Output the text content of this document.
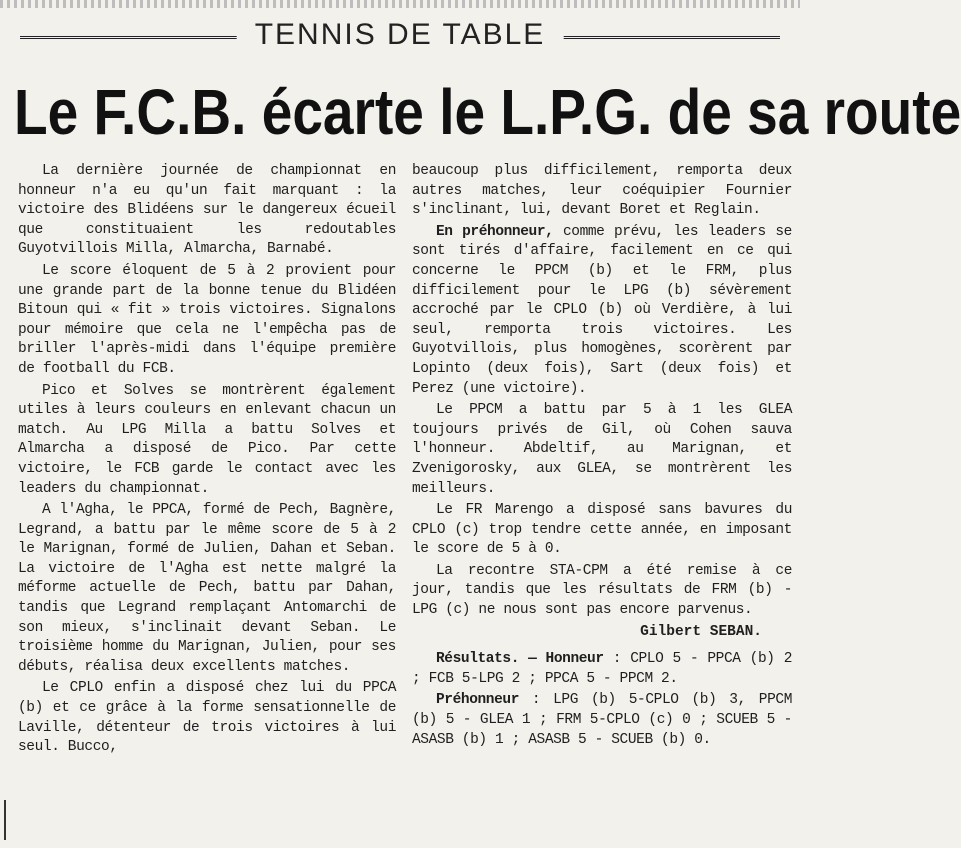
TENNIS DE TABLE
Le F.C.B. écarte le L.P.G. de sa route

La dernière journée de championnat en honneur n'a eu qu'un fait marquant : la victoire des Blidéens sur le dangereux écueil que constituaient les redoutables Guyotvillois Milla, Almarcha, Barnabé.

Le score éloquent de 5 à 2 provient pour une grande part de la bonne tenue du Blidéen Bitoun qui « fit » trois victoires. Signalons pour mémoire que cela ne l'empêcha pas de briller l'après-midi dans l'équipe première de football du FCB.

Pico et Solves se montrèrent également utiles à leurs couleurs en enlevant chacun un match. Au LPG Milla a battu Solves et Almarcha a disposé de Pico. Par cette victoire, le FCB garde le contact avec les leaders du championnat.

A l'Agha, le PPCA, formé de Pech, Bagnère, Legrand, a battu par le même score de 5 à 2 le Marignan, formé de Julien, Dahan et Seban. La victoire de l'Agha est nette malgré la méforme actuelle de Pech, battu par Dahan, tandis que Legrand remplaçant Antomarchi de son mieux, s'inclinait devant Seban. Le troisième homme du Marignan, Julien, pour ses débuts, réalisa deux excellents matches.

Le CPLO enfin a disposé chez lui du PPCA (b) et ce grâce à la forme sensationnelle de Laville, détenteur de trois victoires à lui seul. Bucco,

beaucoup plus difficilement, remporta deux autres matches, leur coéquipier Fournier s'inclinant, lui, devant Boret et Reglain.

En préhonneur, comme prévu, les leaders se sont tirés d'affaire, facilement en ce qui concerne le PPCM (b) et le FRM, plus difficilement pour le LPG (b) sévèrement accroché par le CPLO (b) où Verdière, à lui seul, remporta trois victoires. Les Guyotvillois, plus homogènes, scorèrent par Lopinto (deux fois), Sart (deux fois) et Perez (une victoire).

Le PPCM a battu par 5 à 1 les GLEA toujours privés de Gil, où Cohen sauva l'honneur. Abdeltif, au Marignan, et Zvenigorosky, aux GLEA, se montrèrent les meilleurs.

Le FR Marengo a disposé sans bavures du CPLO (c) trop tendre cette année, en imposant le score de 5 à 0.

La recontre STA-CPM a été remise à ce jour, tandis que les résultats de FRM (b) - LPG (c) ne nous sont pas encore parvenus.

Gilbert SEBAN.

Résultats. — Honneur : CPLO 5 - PPCA (b) 2 ; FCB 5-LPG 2 ; PPCA 5 - PPCM 2.

Préhonneur : LPG (b) 5-CPLO (b) 3, PPCM (b) 5 - GLEA 1 ; FRM 5-CPLO (c) 0 ; SCUEB 5 - ASASB (b) 1 ; ASASB 5 - SCUEB (b) 0.
